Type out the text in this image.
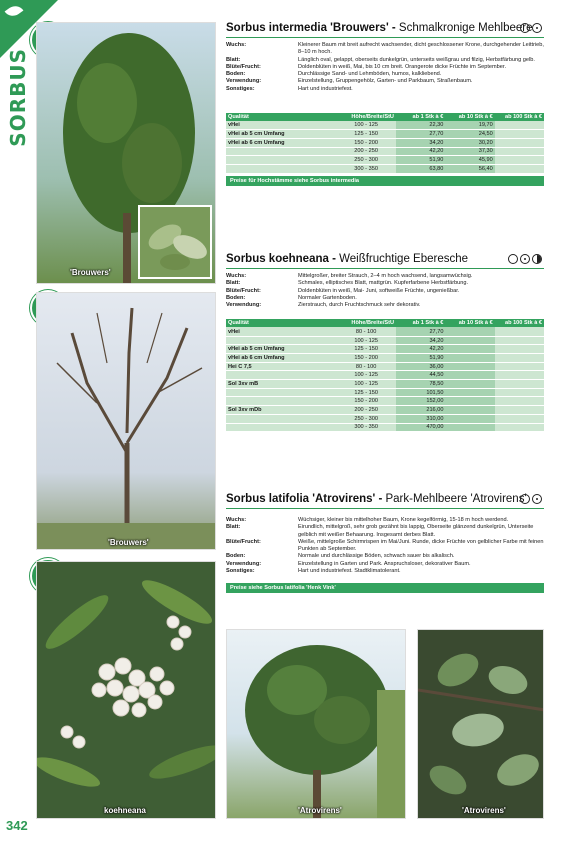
SORBUS
342
'Brouwers'
'Brouwers'
koehneana	'Atrovirens'	'Atrovirens'
Sorbus intermedia 'Brouwers' - Schmalkronige Mehlbeere
Wuchs:	Kleinerer Baum mit breit aufrecht wachsender, dicht geschlossener Krone, durchgehender Leittrieb, 8–10 m hoch.
Blatt:	Länglich oval, gelappt, oberseits dunkelgrün, unterseits weißgrau und filzig, Herbstfärbung gelb.
Blüte/Frucht:	Doldenblüten in weiß, Mai, bis 10 cm breit. Orangerote dicke Früchte im September.
Boden:	Durchlässige Sand- und Lehmböden, humos, kalkliebend.
Verwendung:	Einzelstellung, Gruppengehölz, Garten- und Parkbaum, Straßenbaum.
Sonstiges:	Hart und industriefest.
Qualität	Höhe/Breite/StU	ab 1 Stk à €	ab 10 Stk à €	ab 100 Stk à €
vHei	100 - 125	22,30	19,70	
vHei ab 5 cm Umfang	125 - 150	27,70	24,50	
vHei ab 6 cm Umfang	150 - 200	34,20	30,20	
	200 - 250	42,20	37,30	
	250 - 300	51,90	45,90	
	300 - 350	63,80	56,40	
Preise für Hochstämme siehe Sorbus intermedia
Sorbus koehneana - Weißfruchtige Eberesche
Wuchs:	Mittelgroßer, breiter Strauch, 2–4 m hoch wachsend, langsamwüchsig.
Blatt:	Schmales, elliptisches Blatt, mattgrün. Kupferfarbene Herbstfärbung.
Blüte/Frucht:	Doldenblüten in weiß, Mai- Juni, softweiße Früchte, ungenießbar.
Boden:	Normaler Gartenboden.
Verwendung:	Zierstrauch, durch Fruchtschmuck sehr dekorativ.
Qualität	Höhe/Breite/StU	ab 1 Stk à €	ab 10 Stk à €	ab 100 Stk à €
vHei	80 - 100	27,70		
	100 - 125	34,20		
vHei ab 5 cm Umfang	125 - 150	42,20		
vHei ab 6 cm Umfang	150 - 200	51,90		
Hei C 7,5	80 - 100	36,00		
	100 - 125	44,50		
Sol 3xv mB	100 - 125	78,50		
	125 - 150	101,50		
	150 - 200	152,00		
Sol 3xv mDb	200 - 250	216,00		
	250 - 300	310,00		
	300 - 350	470,00		
Sorbus latifolia 'Atrovirens' - Park-Mehlbeere 'Atrovirens'
Wuchs:	Wüchsiger, kleiner bis mittelhoher Baum, Krone kegelförmig, 15-18 m hoch werdend.
Blatt:	Eirundlich, mittelgroß, sehr grob gezähnt bis lappig, Oberseite glänzend dunkelgrün, Unterseite gelblich mit weißer Behaarung. Insgesamt derbes Blatt.
Blüte/Frucht:	Weiße, mittelgroße Schirmrispen im Mai/Juni. Runde, dicke Früchte von gelblicher Farbe mit feinen Punkten ab September.
Boden:	Normale und durchlässige Böden, schwach sauer bis alkalisch.
Verwendung:	Einzelstellung in Garten und Park. Anspruchsloser, dekorativer Baum.
Sonstiges:	Hart und industriefest. Stadtklimatolerant.
Preise siehe Sorbus latifolia 'Henk Vink'
